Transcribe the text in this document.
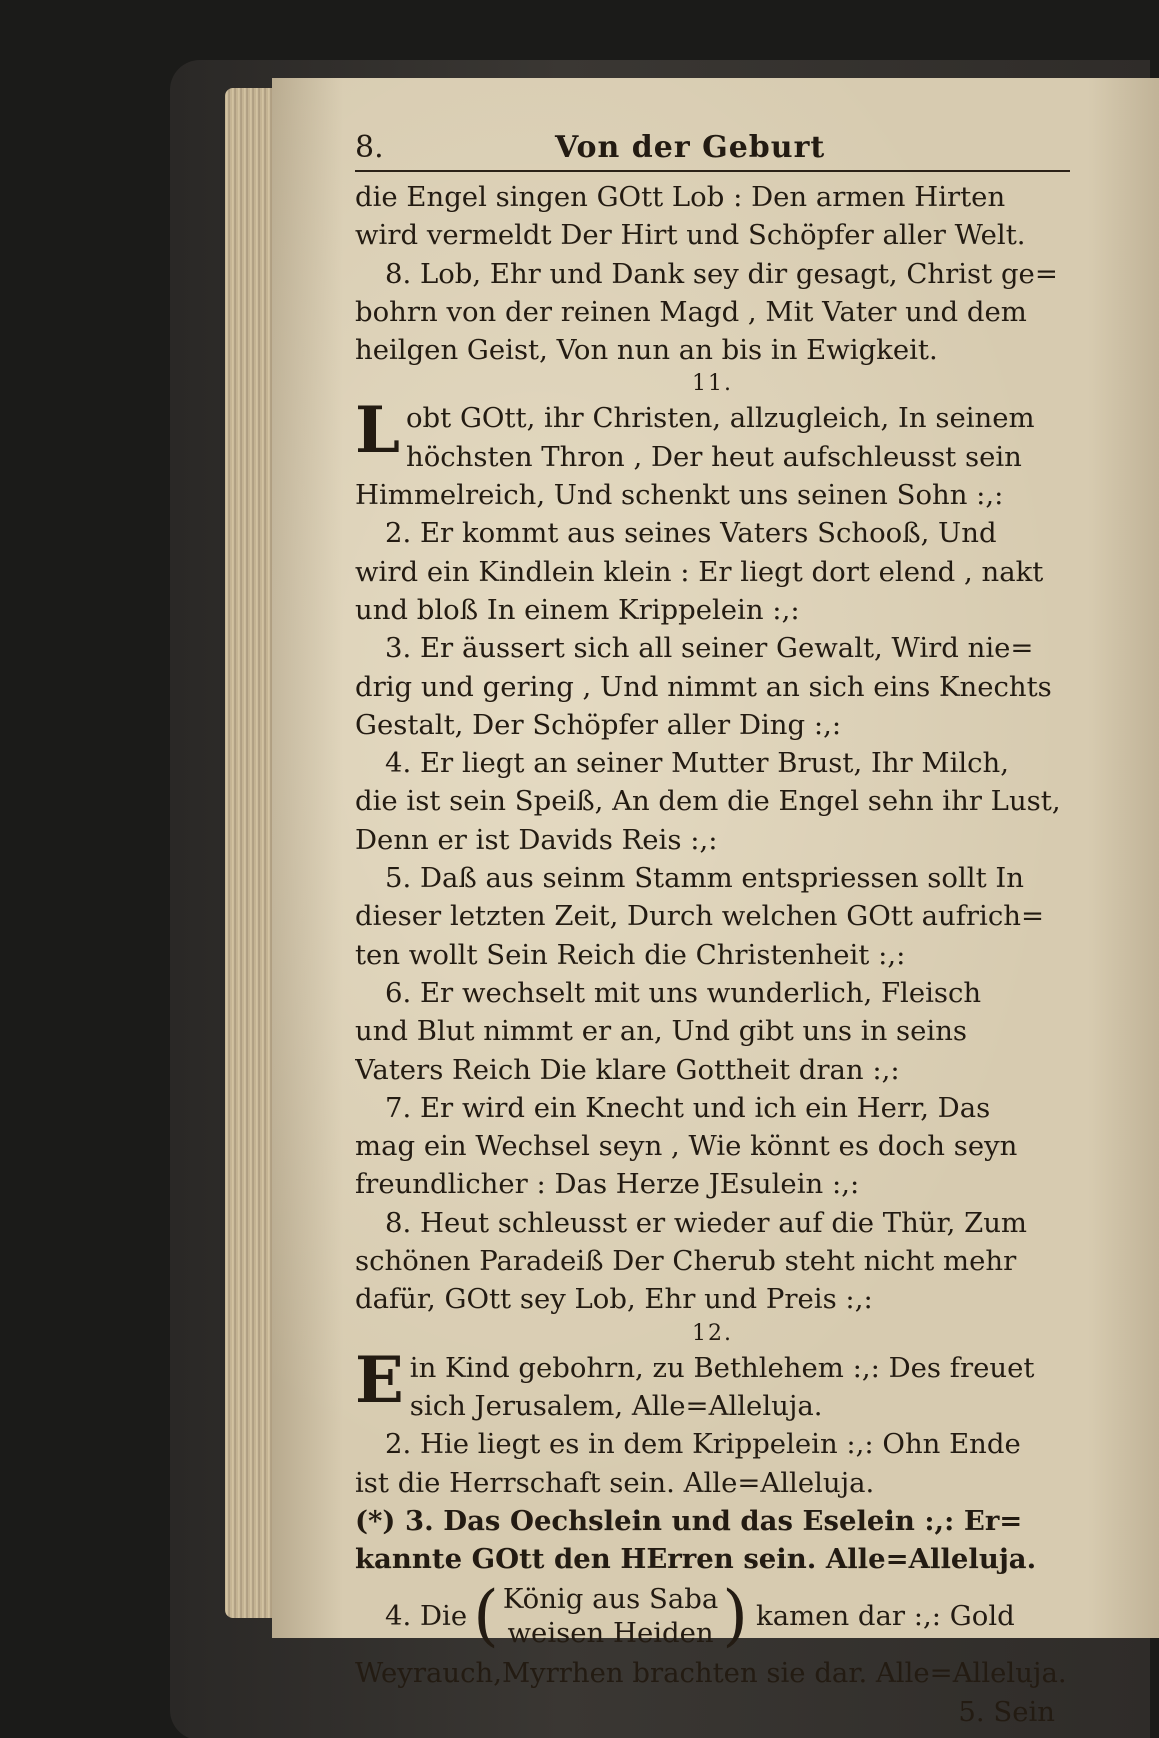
8.	Von der Geburt
die Engel singen GOtt Lob : Den armen Hirten
wird vermeldt Der Hirt und Schöpfer aller Welt.
8. Lob, Ehr und Dank sey dir gesagt, Christ ge=
bohrn von der reinen Magd , Mit Vater und dem
heilgen Geist, Von nun an bis in Ewigkeit.
11.
L obt GOtt, ihr Christen, allzugleich, In seinem
höchsten Thron , Der heut aufschleusst sein
Himmelreich, Und schenkt uns seinen Sohn :,:
2. Er kommt aus seines Vaters Schooß, Und
wird ein Kindlein klein : Er liegt dort elend , nakt
und bloß In einem Krippelein :,:
3. Er äussert sich all seiner Gewalt, Wird nie=
drig und gering , Und nimmt an sich eins Knechts
Gestalt, Der Schöpfer aller Ding :,:
4. Er liegt an seiner Mutter Brust, Ihr Milch,
die ist sein Speiß, An dem die Engel sehn ihr Lust,
Denn er ist Davids Reis :,:
5. Daß aus seinm Stamm entspriessen sollt In
dieser letzten Zeit, Durch welchen GOtt aufrich=
ten wollt Sein Reich die Christenheit :,:
6. Er wechselt mit uns wunderlich, Fleisch
und Blut nimmt er an, Und gibt uns in seins
Vaters Reich Die klare Gottheit dran :,:
7. Er wird ein Knecht und ich ein Herr, Das
mag ein Wechsel seyn , Wie könnt es doch seyn
freundlicher : Das Herze JEsulein :,:
8. Heut schleusst er wieder auf die Thür, Zum
schönen Paradeiß Der Cherub steht nicht mehr
dafür, GOtt sey Lob, Ehr und Preis :,:
12.
E in Kind gebohrn, zu Bethlehem :,: Des freuet
sich Jerusalem, Alle=Alleluja.
2. Hie liegt es in dem Krippelein :,: Ohn Ende
ist die Herrschaft sein. Alle=Alleluja.
(*) 3. Das Oechslein und das Eselein :,: Er=
kannte GOtt den HErren sein. Alle=Alleluja.
4. Die ( König aus Saba
weisen Heiden ) kamen dar :,: Gold
Weyrauch,Myrrhen brachten sie dar. Alle=Alleluja.
5. Sein
